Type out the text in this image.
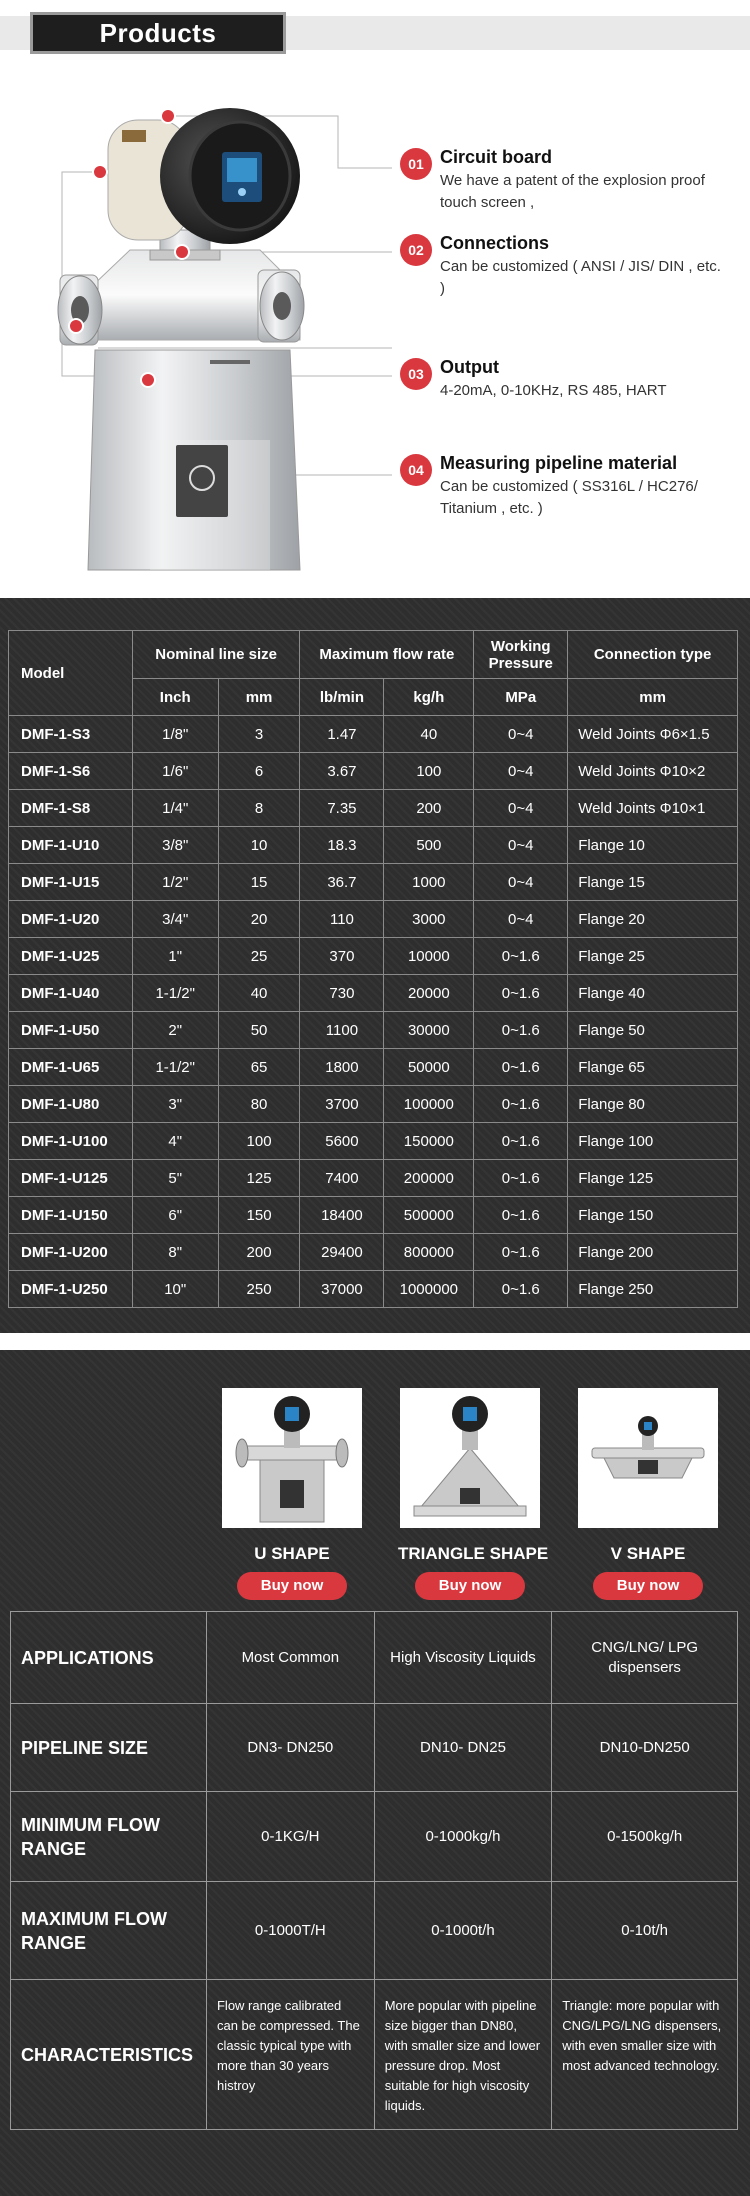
Products
01 Circuit board
We have a patent of the explosion proof touch screen ,
02 Connections
Can be customized ( ANSI / JIS/ DIN , etc. )
03 Output
4-20mA, 0-10KHz, RS 485, HART
04 Measuring pipeline material
Can be customized ( SS316L / HC276/ Titanium , etc. )
Model	Nominal line size		Maximum flow rate		Working Pressure	Connection type
	Inch	mm	lb/min	kg/h	MPa	mm
DMF-1-S3	1/8"	3	1.47	40	0~4	Weld Joints Φ6×1.5
DMF-1-S6	1/6"	6	3.67	100	0~4	Weld Joints Φ10×2
DMF-1-S8	1/4"	8	7.35	200	0~4	Weld Joints Φ10×1
DMF-1-U10	3/8"	10	18.3	500	0~4	Flange 10
DMF-1-U15	1/2"	15	36.7	1000	0~4	Flange 15
DMF-1-U20	3/4"	20	110	3000	0~4	Flange 20
DMF-1-U25	1"	25	370	10000	0~1.6	Flange 25
DMF-1-U40	1-1/2"	40	730	20000	0~1.6	Flange 40
DMF-1-U50	2"	50	1100	30000	0~1.6	Flange 50
DMF-1-U65	1-1/2"	65	1800	50000	0~1.6	Flange 65
DMF-1-U80	3"	80	3700	100000	0~1.6	Flange 80
DMF-1-U100	4"	100	5600	150000	0~1.6	Flange 100
DMF-1-U125	5"	125	7400	200000	0~1.6	Flange 125
DMF-1-U150	6"	150	18400	500000	0~1.6	Flange 150
DMF-1-U200	8"	200	29400	800000	0~1.6	Flange 200
DMF-1-U250	10"	250	37000	1000000	0~1.6	Flange 250
U SHAPE
Buy now
TRIANGLE SHAPE
Buy now
V SHAPE
Buy now
APPLICATIONS	Most Common	High Viscosity Liquids	CNG/LNG/ LPG dispensers
PIPELINE SIZE	DN3- DN250	DN10- DN25	DN10-DN250
MINIMUM FLOW RANGE	0-1KG/H	0-1000kg/h	0-1500kg/h
MAXIMUM FLOW RANGE	0-1000T/H	0-1000t/h	0-10t/h
CHARACTERISTICS	Flow range calibrated can be compressed. The classic typical type with more than 30 years histroy	More popular with pipeline size bigger than DN80, with smaller size and lower pressure drop. Most suitable for high viscosity liquids.	Triangle: more popular with CNG/LPG/LNG dispensers, with even smaller size with most advanced technology.
